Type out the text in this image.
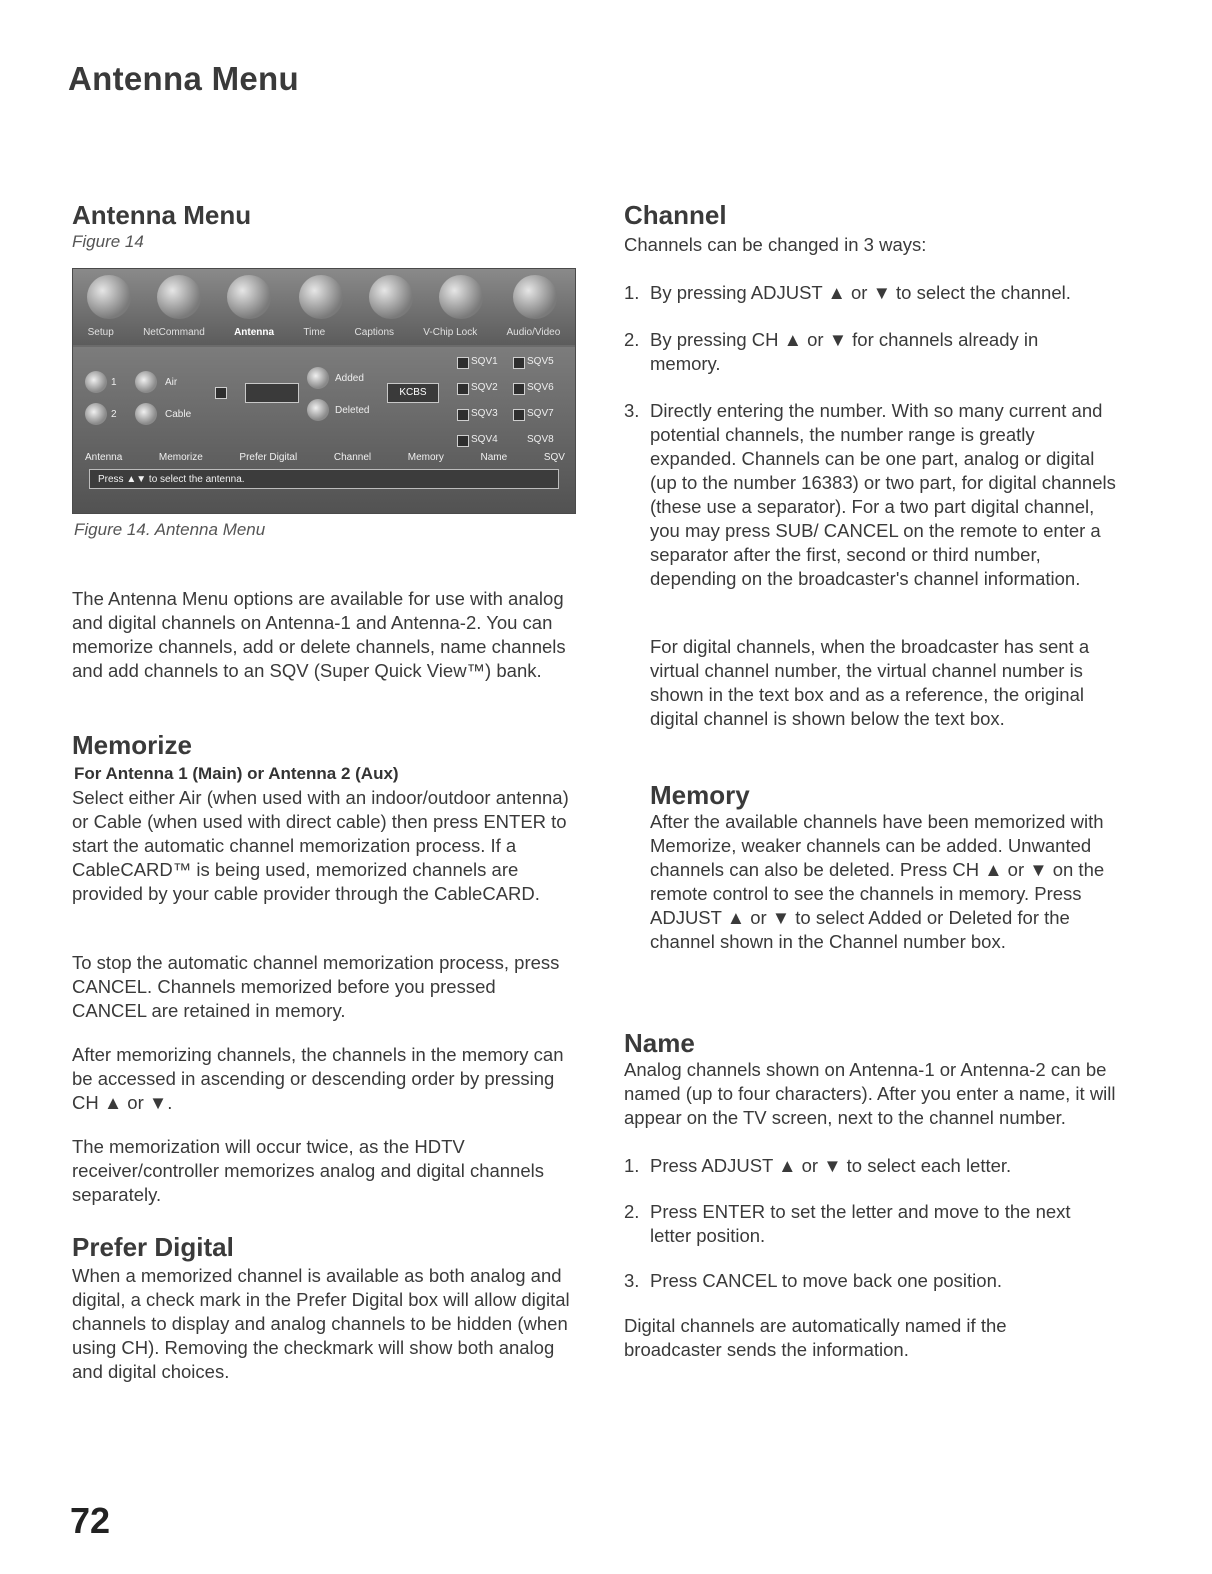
Antenna Menu
Antenna Menu
Figure 14
Setup	NetCommand	Antenna	Time	Captions	V-Chip Lock	Audio/Video
1
2
Air
Cable
Added
Deleted
KCBS
SQV1	SQV5
SQV2	SQV6
SQV3	SQV7
SQV4	SQV8
Antenna	Memorize	Prefer Digital	Channel	Memory	Name	SQV
Press ▲▼ to select the antenna.
Figure 14. Antenna Menu
The Antenna Menu options are available for use with analog and digital channels on Antenna-1 and Antenna-2. You can memorize channels, add or delete channels, name channels and add channels to an SQV (Super Quick View™) bank.
Memorize
For Antenna 1 (Main) or Antenna 2 (Aux)
Select either Air (when used with an indoor/outdoor antenna) or Cable (when used with direct cable) then press ENTER to start the automatic channel memorization process. If a CableCARD™ is being used, memorized channels are provided by your cable provider through the CableCARD.
To stop the automatic channel memorization process, press CANCEL. Channels memorized before you pressed CANCEL are retained in memory.
After memorizing channels, the channels in the memory can be accessed in ascending or descending order by pressing CH ▲ or ▼.
The memorization will occur twice, as the HDTV receiver/controller memorizes analog and digital channels separately.
Prefer Digital
When a memorized channel is available as both analog and digital, a check mark in the Prefer Digital box will allow digital channels to display and analog channels to be hidden (when using CH). Removing the checkmark will show both analog and digital choices.
72
Channel
Channels can be changed in 3 ways:
1. By pressing ADJUST ▲ or ▼ to select the channel.
2. By pressing CH ▲ or ▼ for channels already in memory.
3. Directly entering the number. With so many current and potential channels, the number range is greatly expanded. Channels can be one part, analog or digital (up to the number 16383) or two part, for digital channels (these use a separator). For a two part digital channel, you may press SUB/ CANCEL on the remote to enter a separator after the first, second or third number, depending on the broadcaster's channel information.
For digital channels, when the broadcaster has sent a virtual channel number, the virtual channel number is shown in the text box and as a reference, the original digital channel is shown below the text box.
Memory
After the available channels have been memorized with Memorize, weaker channels can be added. Unwanted channels can also be deleted. Press CH ▲ or ▼ on the remote control to see the channels in memory. Press ADJUST ▲ or ▼ to select Added or Deleted for the channel shown in the Channel number box.
Name
Analog channels shown on Antenna-1 or Antenna-2 can be named (up to four characters). After you enter a name, it will appear on the TV screen, next to the channel number.
1. Press ADJUST ▲ or ▼ to select each letter.
2. Press ENTER to set the letter and move to the next letter position.
3. Press CANCEL to move back one position.
Digital channels are automatically named if the broadcaster sends the information.
